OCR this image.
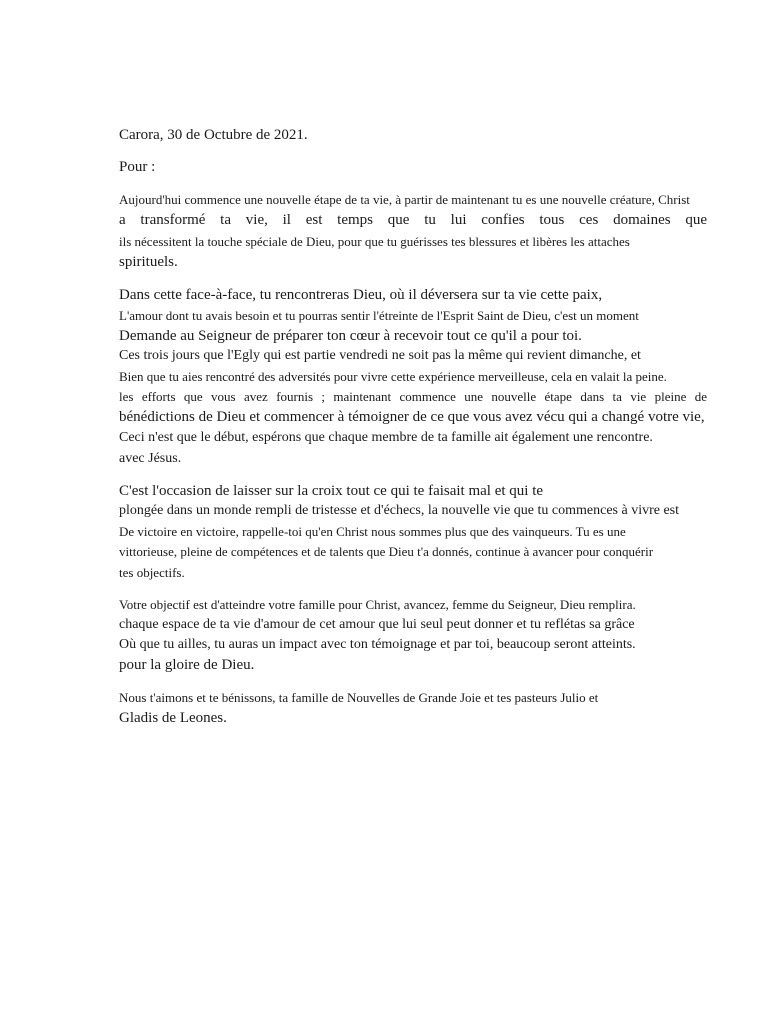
Carora, 30 de Octubre de 2021.
Pour :
Aujourd'hui commence une nouvelle étape de ta vie, à partir de maintenant tu es une nouvelle créature, Christ
a transformé ta vie, il est temps que tu lui confies tous ces domaines que
ils nécessitent la touche spéciale de Dieu, pour que tu guérisses tes blessures et libères les attaches
spirituels.
Dans cette face-à-face, tu rencontreras Dieu, où il déversera sur ta vie cette paix,
L'amour dont tu avais besoin et tu pourras sentir l'étreinte de l'Esprit Saint de Dieu, c'est un moment
Demande au Seigneur de préparer ton cœur à recevoir tout ce qu'il a pour toi.
Ces trois jours que l'Egly qui est partie vendredi ne soit pas la même qui revient dimanche, et
Bien que tu aies rencontré des adversités pour vivre cette expérience merveilleuse, cela en valait la peine.
les efforts que vous avez fournis ; maintenant commence une nouvelle étape dans ta vie pleine de
bénédictions de Dieu et commencer à témoigner de ce que vous avez vécu qui a changé votre vie,
Ceci n'est que le début, espérons que chaque membre de ta famille ait également une rencontre.
avec Jésus.
C'est l'occasion de laisser sur la croix tout ce qui te faisait mal et qui te
plongée dans un monde rempli de tristesse et d'échecs, la nouvelle vie que tu commences à vivre est
De victoire en victoire, rappelle-toi qu'en Christ nous sommes plus que des vainqueurs. Tu es une
vittorieuse, pleine de compétences et de talents que Dieu t'a donnés, continue à avancer pour conquérir
tes objectifs.
Votre objectif est d'atteindre votre famille pour Christ, avancez, femme du Seigneur, Dieu remplira.
chaque espace de ta vie d'amour de cet amour que lui seul peut donner et tu reflétas sa grâce
Où que tu ailles, tu auras un impact avec ton témoignage et par toi, beaucoup seront atteints.
pour la gloire de Dieu.
Nous t'aimons et te bénissons, ta famille de Nouvelles de Grande Joie et tes pasteurs Julio et
Gladis de Leones.
